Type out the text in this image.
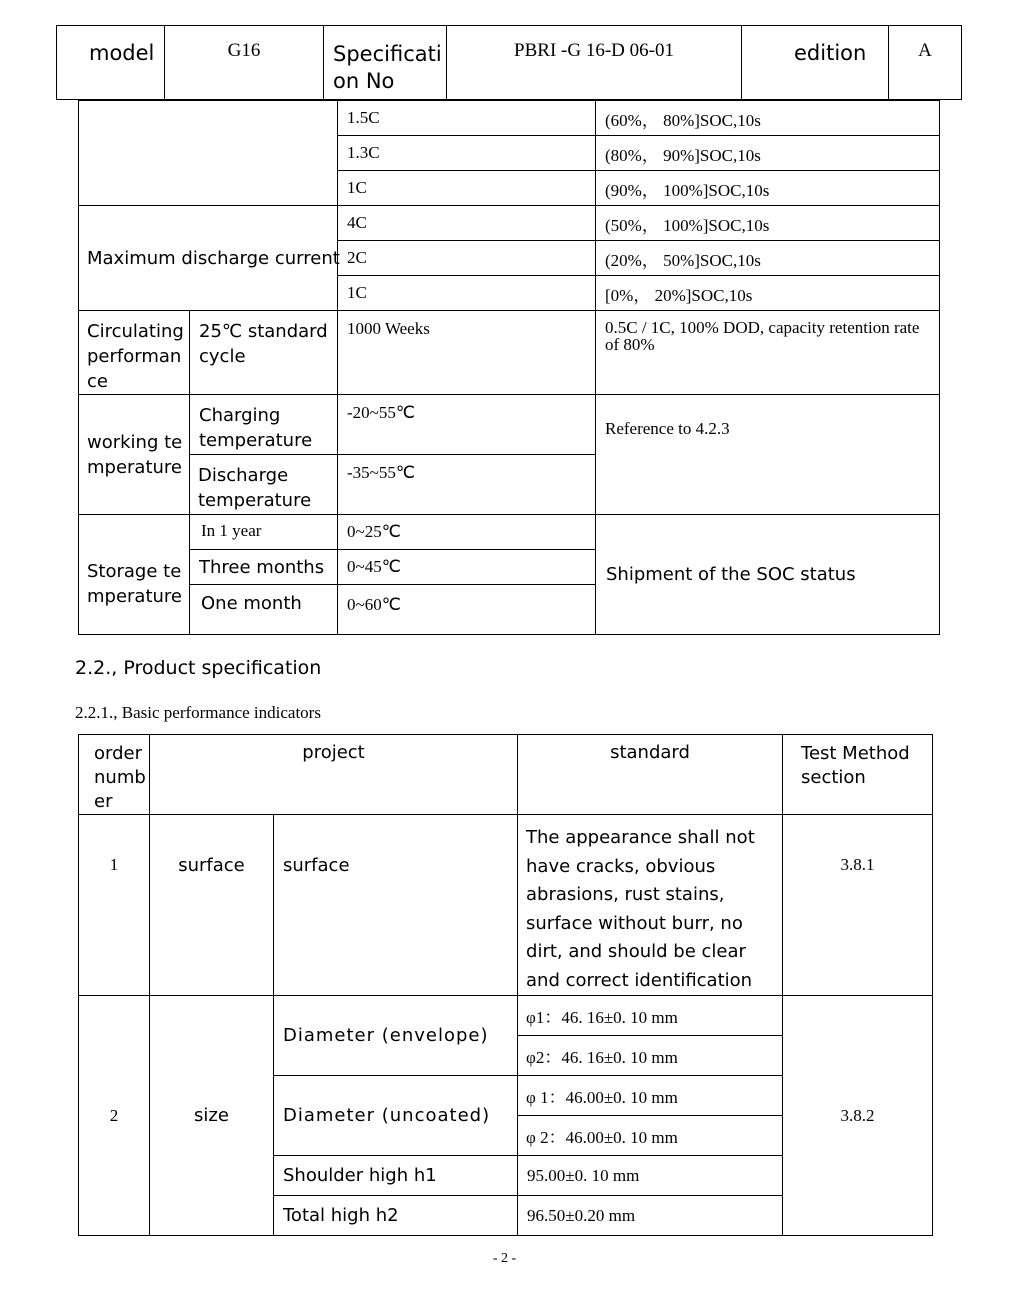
model	G16	Specification No	PBRI -G 16-D 06-01	edition	A
		1.5C	(60%， 80%]SOC,10s
		1.3C	(80%， 90%]SOC,10s
		1C	(90%， 100%]SOC,10s
Maximum discharge current		4C	(50%， 100%]SOC,10s
		2C	(20%， 50%]SOC,10s
		1C	[0%， 20%]SOC,10s
Circulating performance	25℃ standard cycle	1000 Weeks	0.5C / 1C, 100% DOD, capacity retention rate of 80%
working temperature	Charging temperature	-20~55℃	Reference to 4.2.3
	Discharge temperature	-35~55℃	
Storage temperature	In 1 year	0~25℃	Shipment of the SOC status
	Three months	0~45℃	
	One month	0~60℃	
2.2., Product specification
2.2.1., Basic performance indicators
order number	project		standard	Test Method section
1	surface	surface	The appearance shall not have cracks, obvious abrasions, rust stains, surface without burr, no dirt, and should be clear and correct identification	3.8.1
2	size	Diameter (envelope)	φ1：46. 16±0. 10 mm	3.8.2
			φ2：46. 16±0. 10 mm	
		Diameter (uncoated)	φ 1：46.00±0. 10 mm	
			φ 2：46.00±0. 10 mm	
		Shoulder high h1	95.00±0. 10 mm	
		Total high h2	96.50±0.20 mm	
- 2 -
